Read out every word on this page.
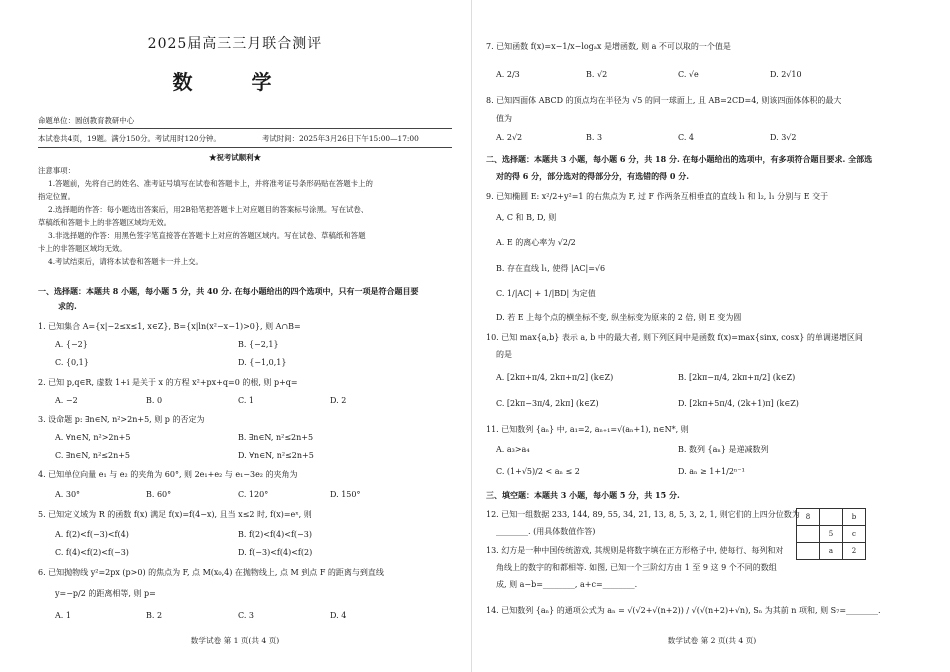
2025届高三三月联合测评
数 学
命题单位：圆创教育教研中心
本试卷共4页，19题。满分150分。考试用时120分钟。	考试时间：2025年3月26日下午15:00—17:00
★祝考试顺利★
注意事项：
1.答题前，先将自己的姓名、准考证号填写在试卷和答题卡上，并将准考证号条形码贴在答题卡上的
指定位置。
2.选择题的作答：每小题选出答案后，用2B铅笔把答题卡上对应题目的答案标号涂黑。写在试卷、
草稿纸和答题卡上的非答题区域均无效。
3.非选择题的作答：用黑色签字笔直接答在答题卡上对应的答题区域内。写在试卷、草稿纸和答题
卡上的非答题区域均无效。
4.考试结束后，请将本试卷和答题卡一并上交。
一、选择题：本题共 8 小题，每小题 5 分，共 40 分. 在每小题给出的四个选项中，只有一项是符合题目要
求的.
1. 已知集合 A={x|−2≤x≤1, x∈Z}, B={x|ln(x²−x−1)>0}, 则 A∩B=
A. {−2}	B. {−2,1}
C. {0,1}	D. {−1,0,1}
2. 已知 p,q∈R, 虚数 1+i 是关于 x 的方程 x²+px+q=0 的根, 则 p+q=
A. −2	B. 0	C. 1	D. 2
3. 设命题 p: ∃n∈N, n²>2n+5, 则 p 的否定为
A. ∀n∈N, n²>2n+5	B. ∃n∈N, n²≤2n+5
C. ∃n∈N, n²≤2n+5	D. ∀n∈N, n²≤2n+5
4. 已知单位向量 e₁ 与 e₂ 的夹角为 60°, 则 2e₁+e₂ 与 e₁−3e₂ 的夹角为
A. 30°	B. 60°	C. 120°	D. 150°
5. 已知定义域为 R 的函数 f(x) 满足 f(x)=f(4−x), 且当 x≤2 时, f(x)=eˣ, 则
A. f(2)<f(−3)<f(4)	B. f(2)<f(4)<f(−3)
C. f(4)<f(2)<f(−3)	D. f(−3)<f(4)<f(2)
6. 已知抛物线 y²=2px (p>0) 的焦点为 F, 点 M(x₀,4) 在抛物线上, 点 M 到点 F 的距离与到直线
y=−p/2 的距离相等, 则 p=
A. 1	B. 2	C. 3	D. 4
数学试卷 第 1 页(共 4 页)
7. 已知函数 f(x)=x−1/x−logₐx 是增函数, 则 a 不可以取的一个值是
A. 2/3	B. √2	C. √e	D. 2√10
8. 已知四面体 ABCD 的顶点均在半径为 √5 的同一球面上, 且 AB=2CD=4, 则该四面体体积的最大
值为
A. 2√2	B. 3	C. 4	D. 3√2
二、选择题：本题共 3 小题，每小题 6 分，共 18 分. 在每小题给出的选项中，有多项符合题目要求. 全部选
对的得 6 分，部分选对的得部分分，有选错的得 0 分.
9. 已知椭圆 E: x²/2+y²=1 的右焦点为 F, 过 F 作两条互相垂直的直线 l₁ 和 l₂, l₁ 分别与 E 交于
A, C 和 B, D, 则
A. E 的离心率为 √2/2
B. 存在直线 l₁, 使得 |AC|=√6
C. 1/|AC| + 1/|BD| 为定值
D. 若 E 上每个点的横坐标不变, 纵坐标变为原来的 2 倍, 则 E 变为圆
10. 已知 max{a,b} 表示 a, b 中的最大者, 则下列区间中是函数 f(x)=max{sinx, cosx} 的单调递增区间
的是
A. [2kπ+π/4, 2kπ+π/2] (k∈Z)	B. [2kπ−π/4, 2kπ+π/2] (k∈Z)
C. [2kπ−3π/4, 2kπ] (k∈Z)	D. [2kπ+5π/4, (2k+1)π] (k∈Z)
11. 已知数列 {aₙ} 中, a₁=2, aₙ₊₁=√(aₙ+1), n∈N*, 则
A. a₃>a₄	B. 数列 {aₙ} 是递减数列
C. (1+√5)/2 < aₙ ≤ 2	D. aₙ ≥ 1+1/2ⁿ⁻¹
三、填空题：本题共 3 小题，每小题 5 分，共 15 分.
12. 已知一组数据 233, 144, 89, 55, 34, 21, 13, 8, 5, 3, 2, 1, 则它们的上四分位数为
________. (用具体数值作答)
13. 幻方是一种中国传统游戏, 其规则是将数字填在正方形格子中, 使每行、每列和对
角线上的数字的和都相等. 如图, 已知一个三阶幻方由 1 至 9 这 9 个不同的数组
成, 则 a−b=________, a+c=________.
8		b
	5	c
	a	2
14. 已知数列 {aₙ} 的通项公式为 aₙ = √(√2+√(n+2)) / √(√(n+2)+√n), Sₙ 为其前 n 项和, 则 S₇=________.
数学试卷 第 2 页(共 4 页)
